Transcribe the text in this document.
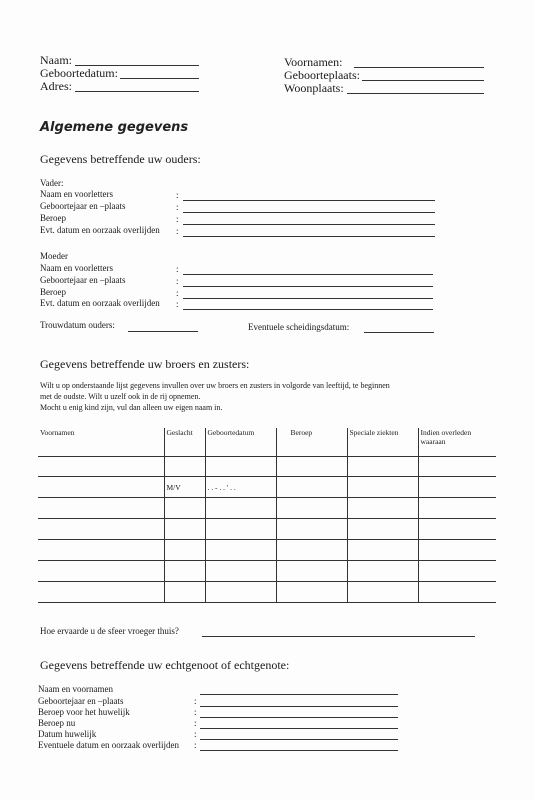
Naam:
Geboortedatum:
Adres:
Voornamen:
Geboorteplaats:
Woonplaats:
Algemene gegevens
Gegevens betreffende uw ouders:
Vader:
Naam en voorletters	:
Geboortejaar en –plaats	:
Beroep	:
Evt. datum en oorzaak overlijden :
Moeder
Naam en voorletters	:
Geboortejaar en –plaats	:
Beroep	:
Evt. datum en oorzaak overlijden :
Trouwdatum ouders:	Eventuele scheidingsdatum:
Gegevens betreffende uw broers en zusters:
Wilt u op onderstaande lijst gegevens invullen over uw broers en zusters in volgorde van leeftijd, te beginnen
met de oudste. Wilt u uzelf ook in de rij opnemen.
Mocht u enig kind zijn, vul dan alleen uw eigen naam in.
Voornamen	Geslacht	Geboortedatum	Beroep	Speciale ziekten	Indien overleden waaraan

	M/V	. . - . . ' . .			

Hoe ervaarde u de sfeer vroeger thuis?
Gegevens betreffende uw echtgenoot of echtgenote:
Naam en voornamen
Geboortejaar en –plaats	:
Beroep voor het huwelijk	:
Beroep nu	:
Datum huwelijk	:
Eventuele datum en oorzaak overlijden :
